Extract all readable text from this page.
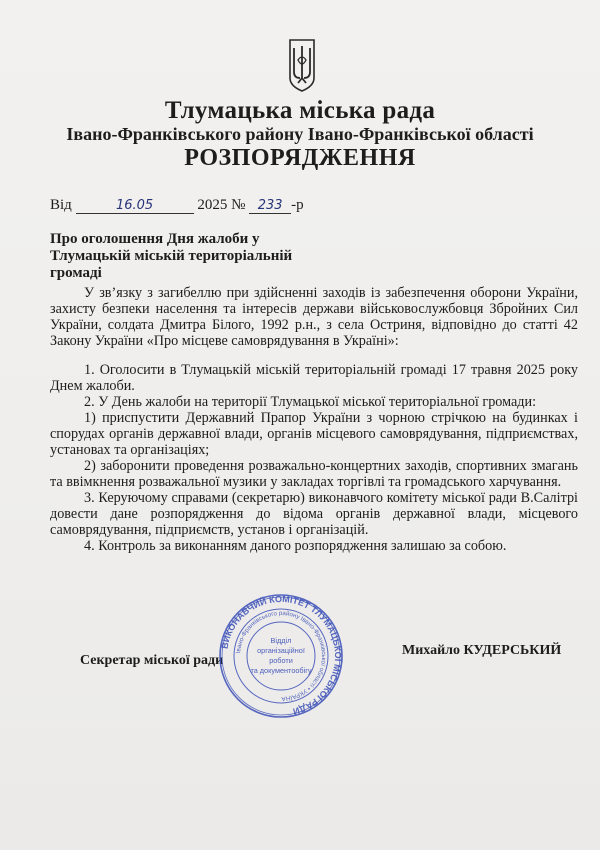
Тлумацька міська рада
Івано-Франківського району Івано-Франківської області
РОЗПОРЯДЖЕННЯ
Від	16.05	2025 № 233 -р
Про оголошення Дня жалоби у Тлумацькій міській територіальній громаді

У зв’язку з загибеллю при здійсненні заходів із забезпечення оборони України, захисту безпеки населення та інтересів держави військовослужбовця Збройних Сил України, солдата Дмитра Білого, 1992 р.н., з села Остриня, відповідно до статті 42 Закону України «Про місцеве самоврядування в Україні»:

1. Оголосити в Тлумацькій міській територіальній громаді 17 травня 2025 року Днем жалоби.

2. У День жалоби на території Тлумацької міської територіальної громади:

1) приспустити Державний Прапор України з чорною стрічкою на будинках і спорудах органів державної влади, органів місцевого самоврядування, підприємствах, установах та організаціях;

2) заборонити проведення розважально-концертних заходів, спортивних змагань та ввімкнення розважальної музики у закладах торгівлі та громадського харчування.

3. Керуючому справами (секретарю) виконавчого комітету міської ради В.Салітрі довести дане розпорядження до відома органів державної влади, місцевого самоврядування, підприємств, установ і організацій.

4. Контроль за виконанням даного розпорядження залишаю за собою.

Секретар міської ради
Михайло КУДЕРСЬКИЙ
ВИКОНАВЧИЙ КОМІТЕТ ТЛУМАЦЬКОЇ МІСЬКОЇ РАДИ
Івано-Франківського району Івано-Франківської області • УКРАЇНА
Відділ
організаційної
роботи
та документообігу
